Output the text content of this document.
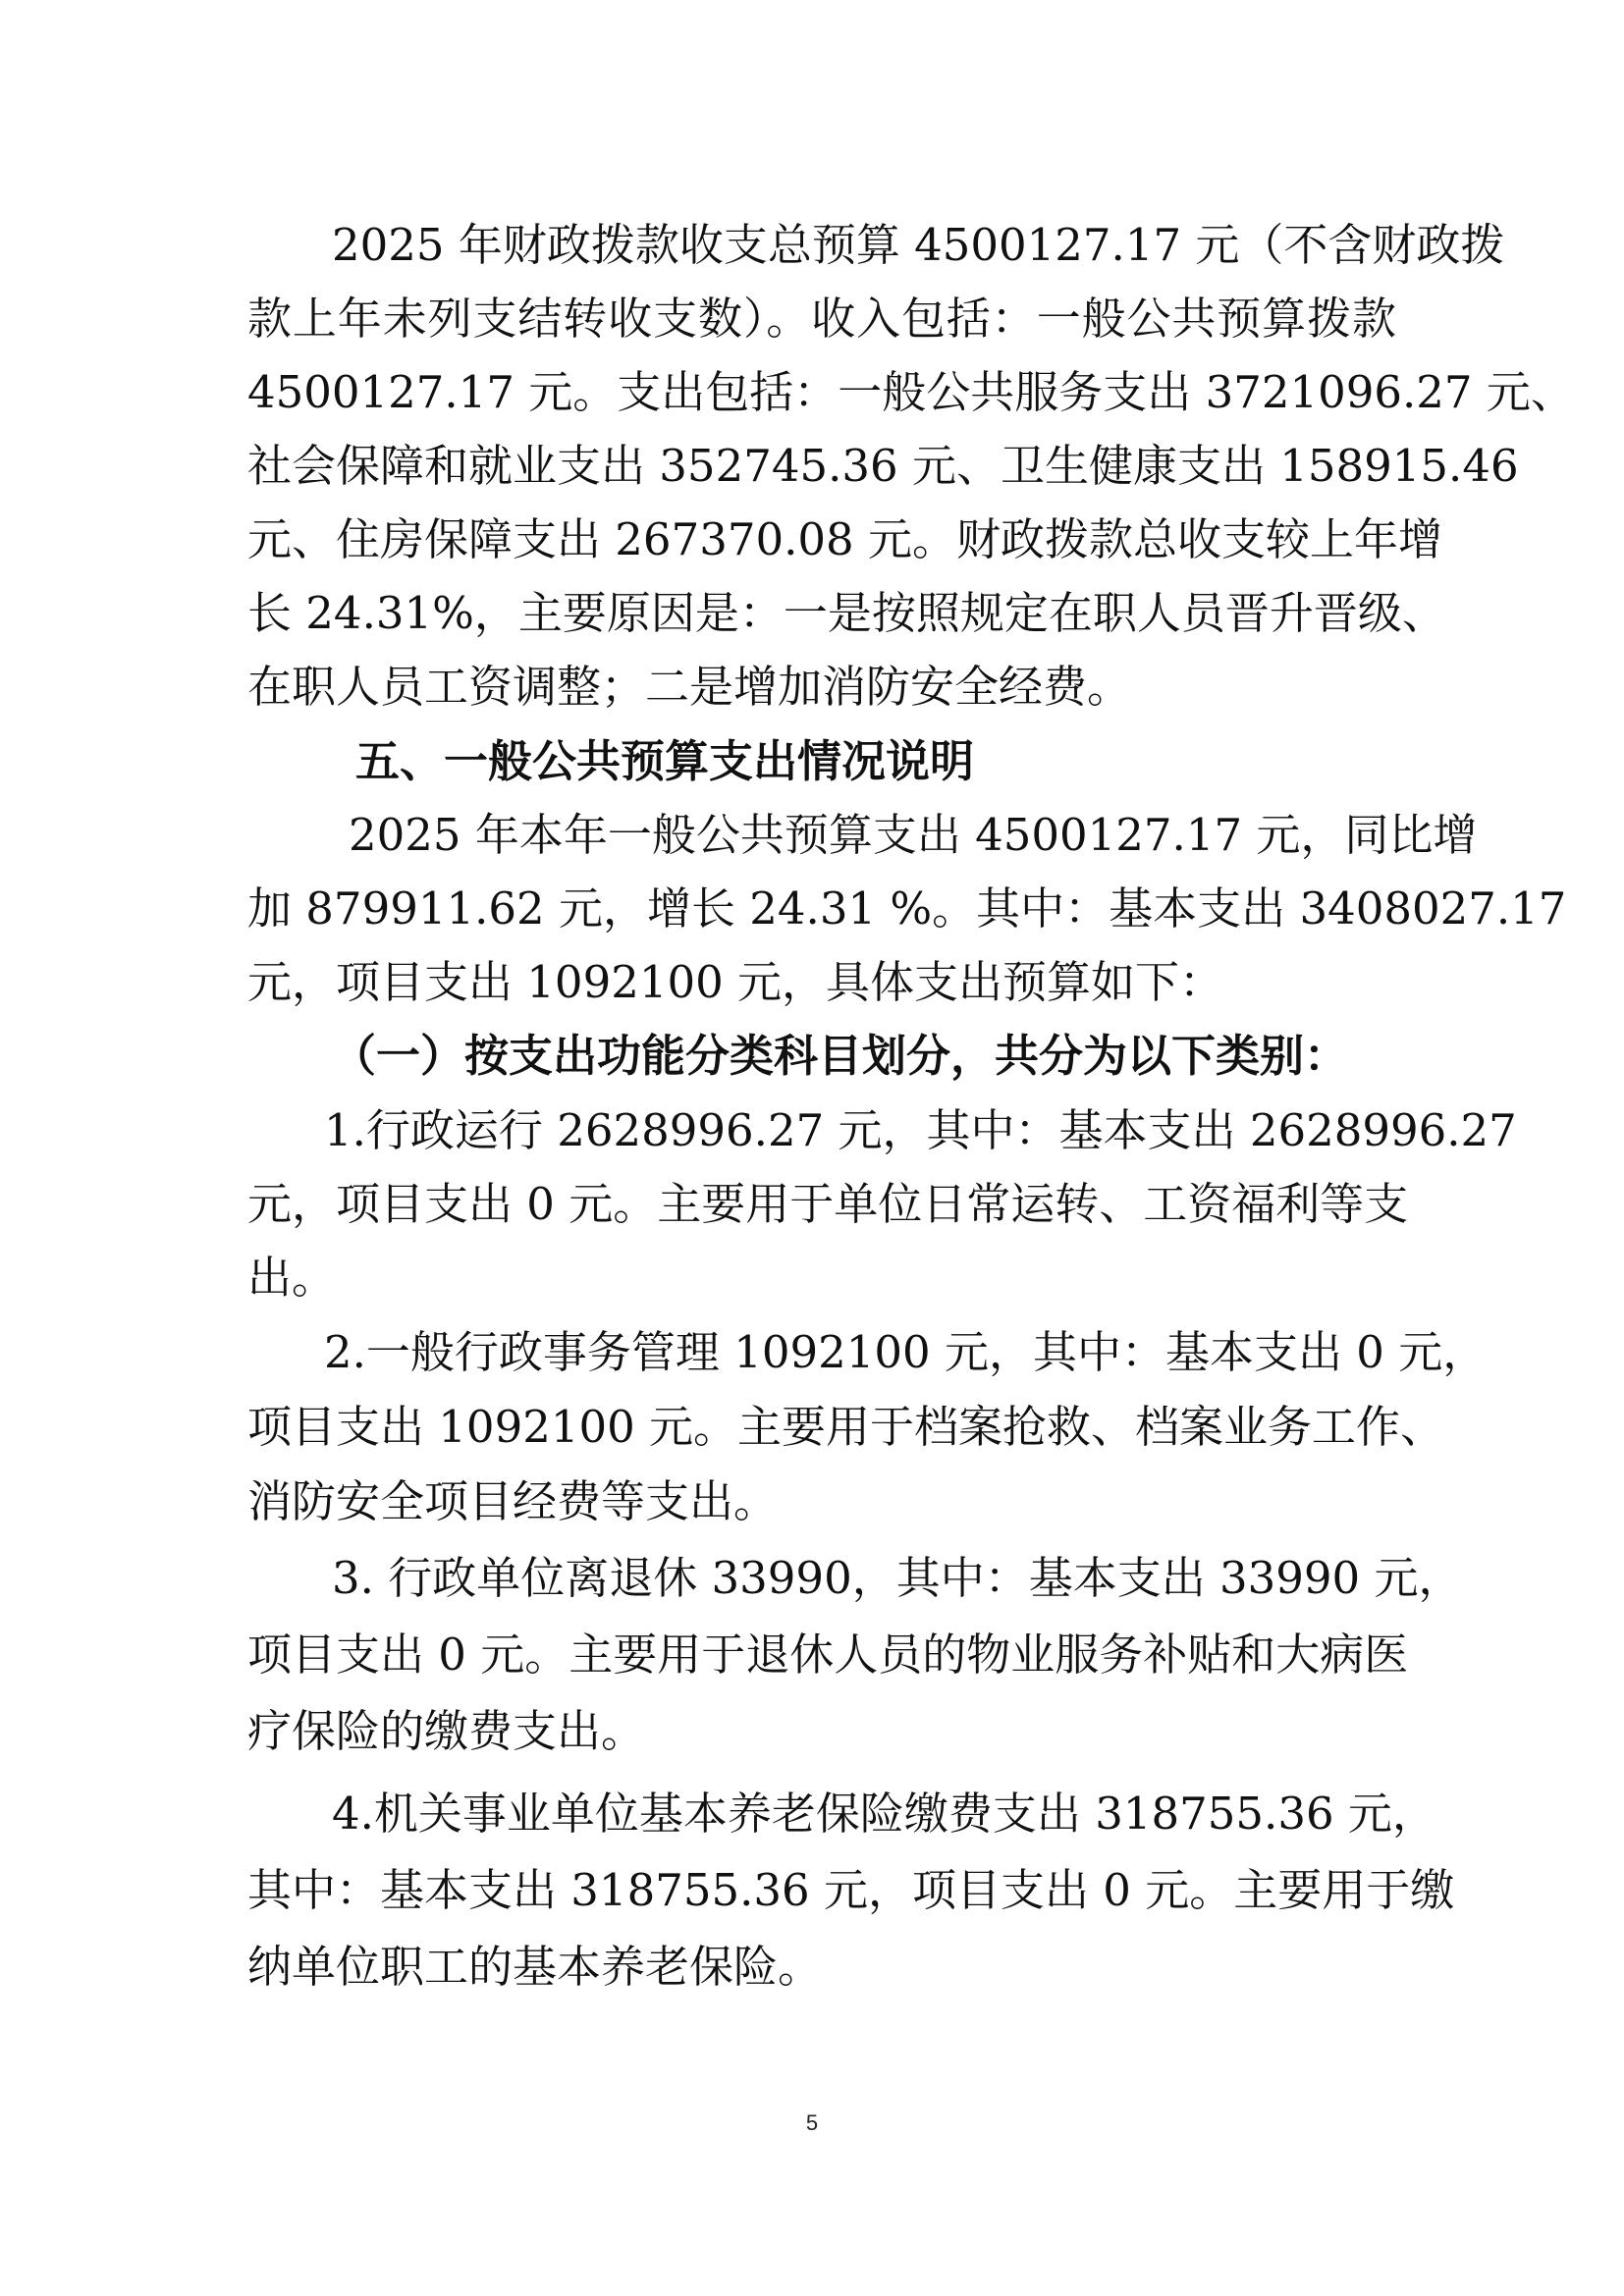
2025 年财政拨款收支总预算 4500127.17 元（不含财政拨
款上年未列支结转收支数）。收入包括：一般公共预算拨款
4500127.17 元。支出包括：一般公共服务支出 3721096.27 元、
社会保障和就业支出 352745.36 元、卫生健康支出 158915.46
元、住房保障支出 267370.08 元。财政拨款总收支较上年增
长 24.31%，主要原因是：一是按照规定在职人员晋升晋级、
在职人员工资调整；二是增加消防安全经费。
五、一般公共预算支出情况说明
2025 年本年一般公共预算支出 4500127.17 元，同比增
加 879911.62 元，增长 24.31 %。其中：基本支出 3408027.17
元，项目支出 1092100 元，具体支出预算如下：
（一）按支出功能分类科目划分，共分为以下类别：
1.行政运行 2628996.27 元，其中：基本支出 2628996.27
元，项目支出 0 元。主要用于单位日常运转、工资福利等支
出。
2.一般行政事务管理 1092100 元，其中：基本支出 0 元，
项目支出 1092100 元。主要用于档案抢救、档案业务工作、
消防安全项目经费等支出。
3. 行政单位离退休 33990，其中：基本支出 33990 元，
项目支出 0 元。主要用于退休人员的物业服务补贴和大病医
疗保险的缴费支出。
4.机关事业单位基本养老保险缴费支出 318755.36 元，
其中：基本支出 318755.36 元，项目支出 0 元。主要用于缴
纳单位职工的基本养老保险。
5
